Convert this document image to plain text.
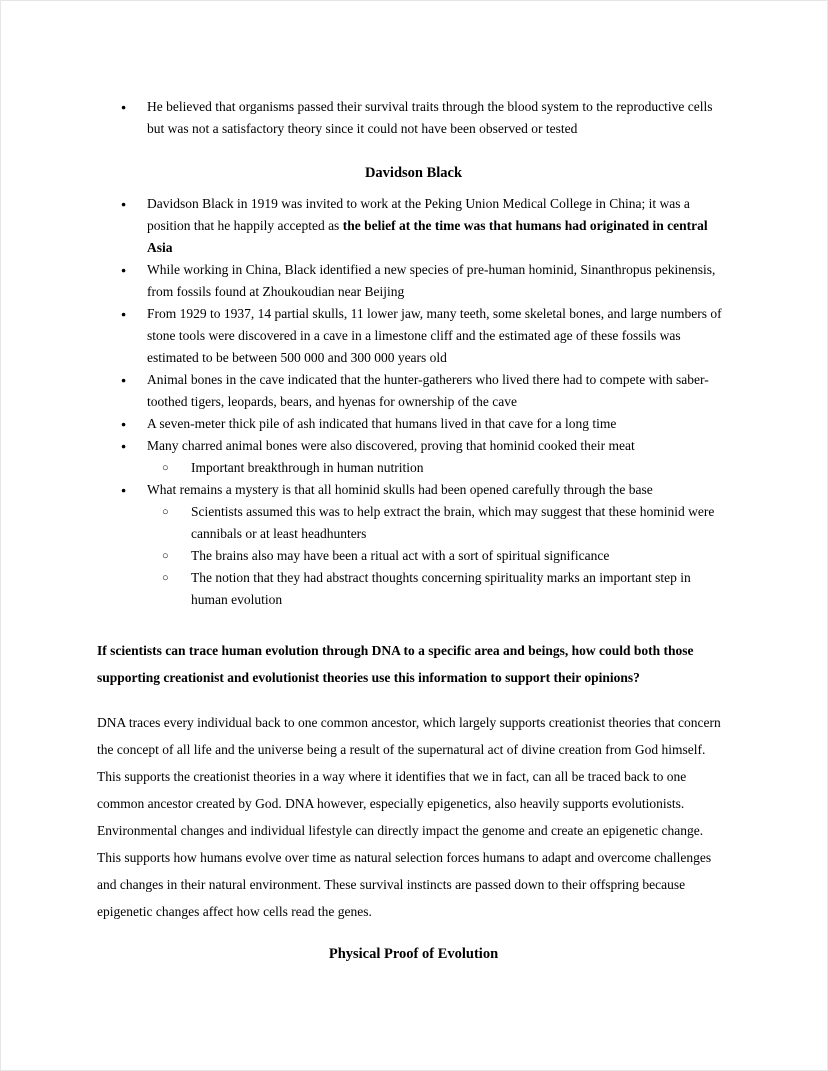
● He believed that organisms passed their survival traits through the blood system to the reproductive cells but was not a satisfactory theory since it could not have been observed or tested
Davidson Black
● Davidson Black in 1919 was invited to work at the Peking Union Medical College in China; it was a position that he happily accepted as the belief at the time was that humans had originated in central Asia
● While working in China, Black identified a new species of pre-human hominid, Sinanthropus pekinensis, from fossils found at Zhoukoudian near Beijing
● From 1929 to 1937, 14 partial skulls, 11 lower jaw, many teeth, some skeletal bones, and large numbers of stone tools were discovered in a cave in a limestone cliff and the estimated age of these fossils was estimated to be between 500 000 and 300 000 years old
● Animal bones in the cave indicated that the hunter-gatherers who lived there had to compete with saber-toothed tigers, leopards, bears, and hyenas for ownership of the cave
● A seven-meter thick pile of ash indicated that humans lived in that cave for a long time
● Many charred animal bones were also discovered, proving that hominid cooked their meat
○ Important breakthrough in human nutrition
● What remains a mystery is that all hominid skulls had been opened carefully through the base
○ Scientists assumed this was to help extract the brain, which may suggest that these hominid were cannibals or at least headhunters
○ The brains also may have been a ritual act with a sort of spiritual significance
○ The notion that they had abstract thoughts concerning spirituality marks an important step in human evolution

If scientists can trace human evolution through DNA to a specific area and beings, how could both those supporting creationist and evolutionist theories use this information to support their opinions?

DNA traces every individual back to one common ancestor, which largely supports creationist theories that concern the concept of all life and the universe being a result of the supernatural act of divine creation from God himself. This supports the creationist theories in a way where it identifies that we in fact, can all be traced back to one common ancestor created by God. DNA however, especially epigenetics, also heavily supports evolutionists. Environmental changes and individual lifestyle can directly impact the genome and create an epigenetic change. This supports how humans evolve over time as natural selection forces humans to adapt and overcome challenges and changes in their natural environment. These survival instincts are passed down to their offspring because epigenetic changes affect how cells read the genes.

Physical Proof of Evolution
